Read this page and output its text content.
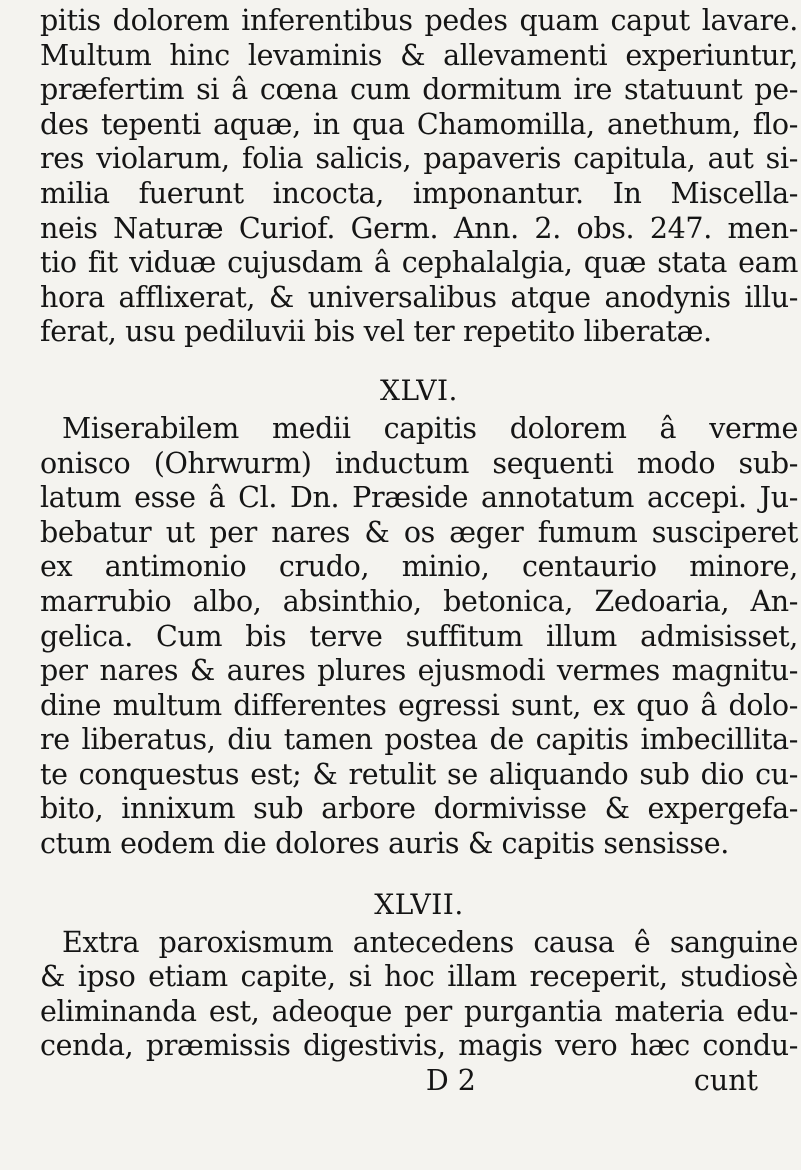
pitis dolorem inferentibus pedes quam caput lavare.
Multum hinc levaminis & allevamenti experiuntur,
præfertim si â cœna cum dormitum ire statuunt pe-
des tepenti aquæ, in qua Chamomilla, anethum, flo-
res violarum, folia salicis, papaveris capitula, aut si-
milia fuerunt incocta, imponantur. In Miscella-
neis Naturæ Curiof. Germ. Ann. 2. obs. 247. men-
tio fit viduæ cujusdam â cephalalgia, quæ stata eam
hora afflixerat, & universalibus atque anodynis illu-
ferat, usu pediluvii bis vel ter repetito liberatæ.
XLVI.
Miserabilem medii capitis dolorem â verme
onisco (Ohrwurm) inductum sequenti modo sub-
latum esse â Cl. Dn. Præside annotatum accepi. Ju-
bebatur ut per nares & os æger fumum susciperet
ex antimonio crudo, minio, centaurio minore,
marrubio albo, absinthio, betonica, Zedoaria, An-
gelica. Cum bis terve suffitum illum admisisset,
per nares & aures plures ejusmodi vermes magnitu-
dine multum differentes egressi sunt, ex quo â dolo-
re liberatus, diu tamen postea de capitis imbecillita-
te conquestus est; & retulit se aliquando sub dio cu-
bito, innixum sub arbore dormivisse & expergefa-
ctum eodem die dolores auris & capitis sensisse.
XLVII.
Extra paroxismum antecedens causa ê sanguine
& ipso etiam capite, si hoc illam receperit, studiosè
eliminanda est, adeoque per purgantia materia edu-
cenda, præmissis digestivis, magis vero hæc condu-
D 2	cunt
